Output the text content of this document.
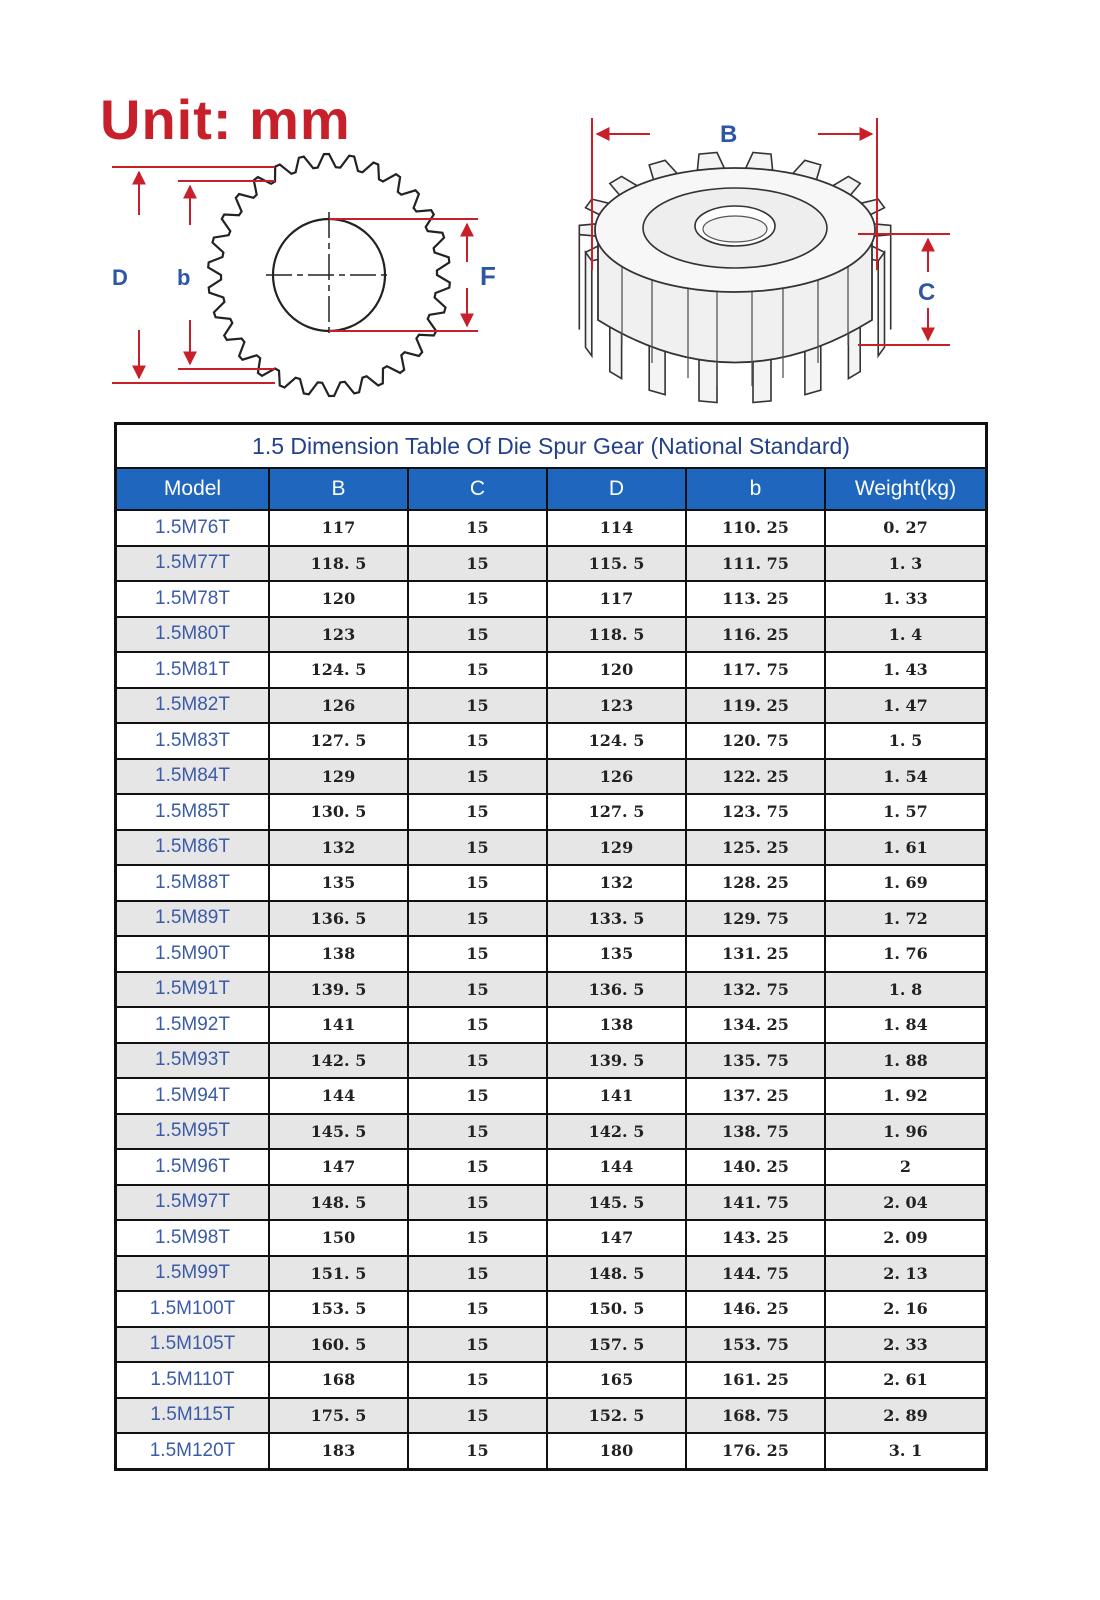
Unit: mm
D b	F
B
C
1.5 Dimension Table Of Die Spur Gear (National Standard)
Model	B	C	D	b	Weight(kg)
1.5M76T	117	15	114	110. 25	0. 27
1.5M77T	118. 5	15	115. 5	111. 75	1. 3
1.5M78T	120	15	117	113. 25	1. 33
1.5M80T	123	15	118. 5	116. 25	1. 4
1.5M81T	124. 5	15	120	117. 75	1. 43
1.5M82T	126	15	123	119. 25	1. 47
1.5M83T	127. 5	15	124. 5	120. 75	1. 5
1.5M84T	129	15	126	122. 25	1. 54
1.5M85T	130. 5	15	127. 5	123. 75	1. 57
1.5M86T	132	15	129	125. 25	1. 61
1.5M88T	135	15	132	128. 25	1. 69
1.5M89T	136. 5	15	133. 5	129. 75	1. 72
1.5M90T	138	15	135	131. 25	1. 76
1.5M91T	139. 5	15	136. 5	132. 75	1. 8
1.5M92T	141	15	138	134. 25	1. 84
1.5M93T	142. 5	15	139. 5	135. 75	1. 88
1.5M94T	144	15	141	137. 25	1. 92
1.5M95T	145. 5	15	142. 5	138. 75	1. 96
1.5M96T	147	15	144	140. 25	2
1.5M97T	148. 5	15	145. 5	141. 75	2. 04
1.5M98T	150	15	147	143. 25	2. 09
1.5M99T	151. 5	15	148. 5	144. 75	2. 13
1.5M100T	153. 5	15	150. 5	146. 25	2. 16
1.5M105T	160. 5	15	157. 5	153. 75	2. 33
1.5M110T	168	15	165	161. 25	2. 61
1.5M115T	175. 5	15	152. 5	168. 75	2. 89
1.5M120T	183	15	180	176. 25	3. 1
